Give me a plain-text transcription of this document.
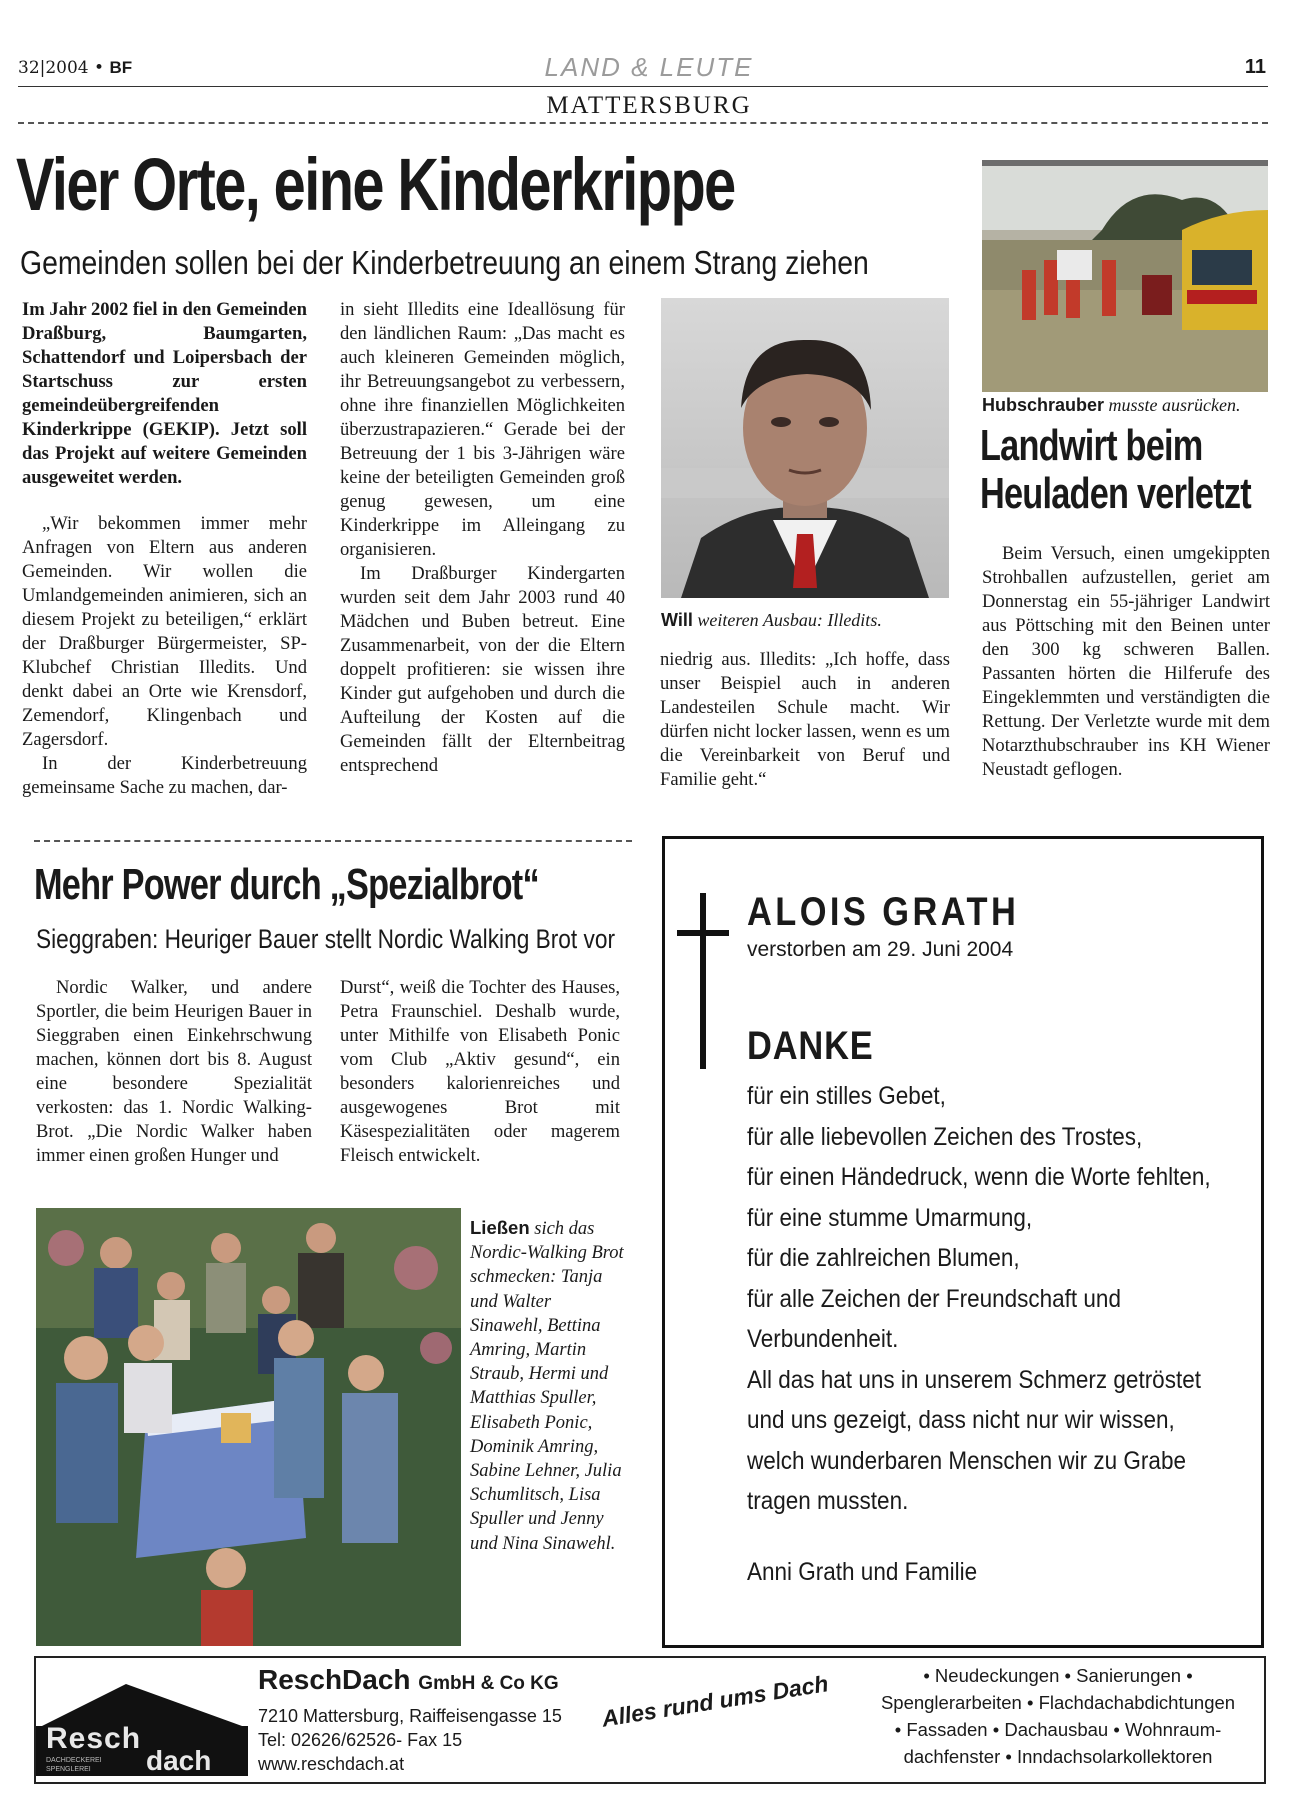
32|2004 • BF	LAND & LEUTE	11
MATTERSBURG
Vier Orte, eine Kinderkrippe
Gemeinden sollen bei der Kinderbetreuung an einem Strang ziehen

Im Jahr 2002 fiel in den Gemeinden Draßburg, Baumgarten, Schattendorf und Loipersbach der Startschuss zur ersten gemeindeübergreifenden Kinderkrippe (GEKIP). Jetzt soll das Projekt auf weitere Gemeinden ausgeweitet werden.

„Wir bekommen immer mehr Anfragen von Eltern aus anderen Gemeinden. Wir wollen die Umlandgemeinden animieren, sich an diesem Projekt zu beteiligen,“ erklärt der Draßburger Bürgermeister, SP-Klubchef Christian Illedits. Und denkt dabei an Orte wie Krensdorf, Zemendorf, Klingenbach und Zagersdorf.

In der Kinderbetreuung gemeinsame Sache zu machen, dar-

in sieht Illedits eine Ideallösung für den ländlichen Raum: „Das macht es auch kleineren Gemeinden möglich, ihr Betreuungsangebot zu verbessern, ohne ihre finanziellen Möglichkeiten überzustrapazieren.“ Gerade bei der Betreuung der 1 bis 3-Jährigen wäre keine der beteiligten Gemeinden groß genug gewesen, um eine Kinderkrippe im Alleingang zu organisieren.

Im Draßburger Kindergarten wurden seit dem Jahr 2003 rund 40 Mädchen und Buben betreut. Eine Zusammenarbeit, von der die Eltern doppelt profitieren: sie wissen ihre Kinder gut aufgehoben und durch die Aufteilung der Kosten auf die Gemeinden fällt der Elternbeitrag entsprechend

Will weiteren Ausbau: Illedits.

niedrig aus. Illedits: „Ich hoffe, dass unser Beispiel auch in anderen Landesteilen Schule macht. Wir dürfen nicht locker lassen, wenn es um die Vereinbarkeit von Beruf und Familie geht.“

Hubschrauber musste ausrücken.
Landwirt beim
Heuladen verletzt

Beim Versuch, einen umgekippten Strohballen aufzustellen, geriet am Donnerstag ein 55-jähriger Landwirt aus Pöttsching mit den Beinen unter den 300 kg schweren Ballen. Passanten hörten die Hilferufe des Eingeklemmten und verständigten die Rettung. Der Verletzte wurde mit dem Notarzthubschrauber ins KH Wiener Neustadt geflogen.

Mehr Power durch „Spezialbrot“
Sieggraben: Heuriger Bauer stellt Nordic Walking Brot vor

Nordic Walker, und andere Sportler, die beim Heurigen Bauer in Sieggraben einen Einkehrschwung machen, können dort bis 8. August eine besondere Spezialität verkosten: das 1. Nordic Walking-Brot. „Die Nordic Walker haben immer einen großen Hunger und

Durst“, weiß die Tochter des Hauses, Petra Fraunschiel. Deshalb wurde, unter Mithilfe von Elisabeth Ponic vom Club „Aktiv gesund“, ein besonders kalorienreiches und ausgewogenes Brot mit Käsespezialitäten oder magerem Fleisch entwickelt.

Ließen sich das Nordic-Walking Brot schmecken: Tanja und Walter Sinawehl, Bettina Amring, Martin Straub, Hermi und Matthias Spuller, Elisabeth Ponic, Dominik Amring, Sabine Lehner, Julia Schumlitsch, Lisa Spuller und Jenny und Nina Sinawehl.
ALOIS GRATH
verstorben am 29. Juni 2004
DANKE
für ein stilles Gebet,
für alle liebevollen Zeichen des Trostes,
für einen Händedruck, wenn die Worte fehlten,
für eine stumme Umarmung,
für die zahlreichen Blumen,
für alle Zeichen der Freundschaft und
Verbundenheit.
All das hat uns in unserem Schmerz getröstet
und uns gezeigt, dass nicht nur wir wissen,
welch wunderbaren Menschen wir zu Grabe
tragen mussten.
Anni Grath und Familie
Resch
dach
DACHDECKEREI
SPENGLEREI
ReschDach GmbH & Co KG
7210 Mattersburg, Raiffeisengasse 15
Tel: 02626/62526- Fax 15
www.reschdach.at
Alles rund ums Dach	• Neudeckungen • Sanierungen •
Spenglerarbeiten • Flachdachabdichtungen
• Fassaden • Dachausbau • Wohnraum-
dachfenster • Inndachsolarkollektoren
